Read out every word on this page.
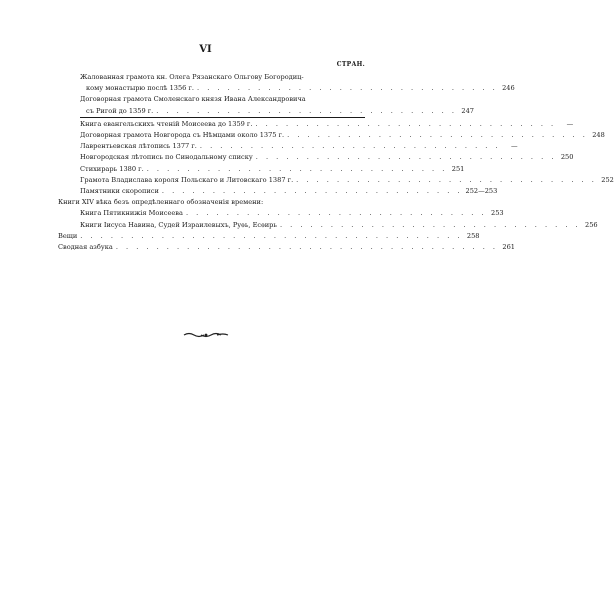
VI
СТРАН.
Жалованная грамота кн. Олега Рязанскаго Ольгову Богородиц-
кому монастырю послѣ 1356 г. . . . . . . . . . . . . . . . . . . . . . . . . . . . . . . 246
Договорная грамота Смоленскаго князя Ивана Александровича
съ Ригой до 1359 г. . . . . . . . . . . . . . . . . . . . . . . . . . . . . . . 247
Книга евангельскихъ чтеній Моисеева до 1359 г. . . . . . . . . . . . . . . . . . . . . . . . . . . . . . .	—
Договорная грамота Новгорода съ Нѣмцами около 1375 г. . . . . . . . . . . . . . . . . . . . . . . . . . . . . . . 248
Лаврентьевская лѣтопись 1377 г. . . . . . . . . . . . . . . . . . . . . . . . . . . . . . .	—
Новгородская лѣтопись по Синодальному списку . . . . . . . . . . . . . . . . . . . . . . . . . . . . . . 250
Стихирарь 1380 г. . . . . . . . . . . . . . . . . . . . . . . . . . . . . . . 251
Грамота Владислава короля Польскаго и Литовскаго 1387 г. . . . . . . . . . . . . . . . . . . . . . . . . . . . . . . 252
Памятники скорописи . . . . . . . . . . . . . . . . . . . . . . . . . . . . . . 252—253
Книги XIV вѣка безъ опредѣленнаго обозначенія времени:
Книга Пятикнижія Моисеева . . . . . . . . . . . . . . . . . . . . . . . . . . . . . . 253
Книги Іисуса Навина, Судей Израилевыхъ, Руѳь, Есѳирь . . . . . . . . . . . . . . . . . . . . . . . . . . . . . . 256
Вещи . . . . . . . . . . . . . . . . . . . . . . . . . . . . . . . . . . . . . . 258
Сводная азбука . . . . . . . . . . . . . . . . . . . . . . . . . . . . . . . . . . . . . . 261
